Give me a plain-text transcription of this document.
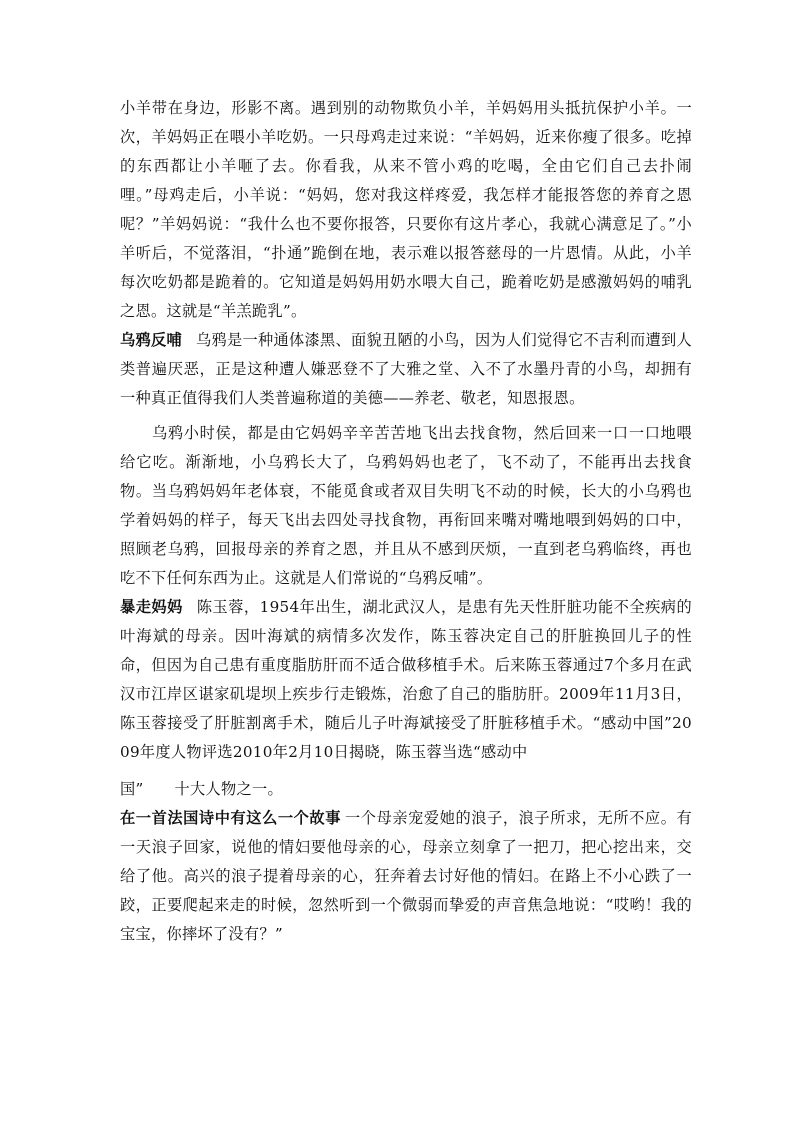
小羊带在身边，形影不离。遇到别的动物欺负小羊，羊妈妈用头抵抗保护小羊。一次，羊妈妈正在喂小羊吃奶。一只母鸡走过来说：“羊妈妈，近来你瘦了很多。吃掉的东西都让小羊咂了去。你看我，从来不管小鸡的吃喝，全由它们自己去扑闹哩。”母鸡走后，小羊说：“妈妈，您对我这样疼爱，我怎样才能报答您的养育之恩呢？”羊妈妈说：“我什么也不要你报答，只要你有这片孝心，我就心满意足了。”小羊听后，不觉落泪，“扑通”跪倒在地，表示难以报答慈母的一片恩情。从此，小羊每次吃奶都是跪着的。它知道是妈妈用奶水喂大自己，跪着吃奶是感激妈妈的哺乳之恩。这就是“羊羔跪乳”。

乌鸦反哺 乌鸦是一种通体漆黑、面貌丑陋的小鸟，因为人们觉得它不吉利而遭到人类普遍厌恶，正是这种遭人嫌恶登不了大雅之堂、入不了水墨丹青的小鸟，却拥有一种真正值得我们人类普遍称道的美德——养老、敬老，知恩报恩。

乌鸦小时侯，都是由它妈妈辛辛苦苦地飞出去找食物，然后回来一口一口地喂给它吃。渐渐地，小乌鸦长大了，乌鸦妈妈也老了，飞不动了，不能再出去找食物。当乌鸦妈妈年老体衰，不能觅食或者双目失明飞不动的时候，长大的小乌鸦也学着妈妈的样子，每天飞出去四处寻找食物，再衔回来嘴对嘴地喂到妈妈的口中，照顾老乌鸦，回报母亲的养育之恩，并且从不感到厌烦，一直到老乌鸦临终，再也吃不下任何东西为止。这就是人们常说的“乌鸦反哺”。

暴走妈妈 陈玉蓉，1954年出生，湖北武汉人，是患有先天性肝脏功能不全疾病的叶海斌的母亲。因叶海斌的病情多次发作，陈玉蓉决定自己的肝脏换回儿子的性命，但因为自己患有重度脂肪肝而不适合做移植手术。后来陈玉蓉通过7个多月在武汉市江岸区谌家矶堤坝上疾步行走锻炼，治愈了自己的脂肪肝。2009年11月3日，陈玉蓉接受了肝脏割离手术，随后儿子叶海斌接受了肝脏移植手术。“感动中国”2009年度人物评选2010年2月10日揭晓，陈玉蓉当选“感动中

国”　　十大人物之一。

在一首法国诗中有这么一个故事 一个母亲宠爱她的浪子，浪子所求，无所不应。有一天浪子回家，说他的情妇要他母亲的心，母亲立刻拿了一把刀，把心挖出来，交给了他。高兴的浪子提着母亲的心，狂奔着去讨好他的情妇。在路上不小心跌了一跤，正要爬起来走的时候，忽然听到一个微弱而挚爱的声音焦急地说：“哎哟！我的宝宝，你摔坏了没有？”
